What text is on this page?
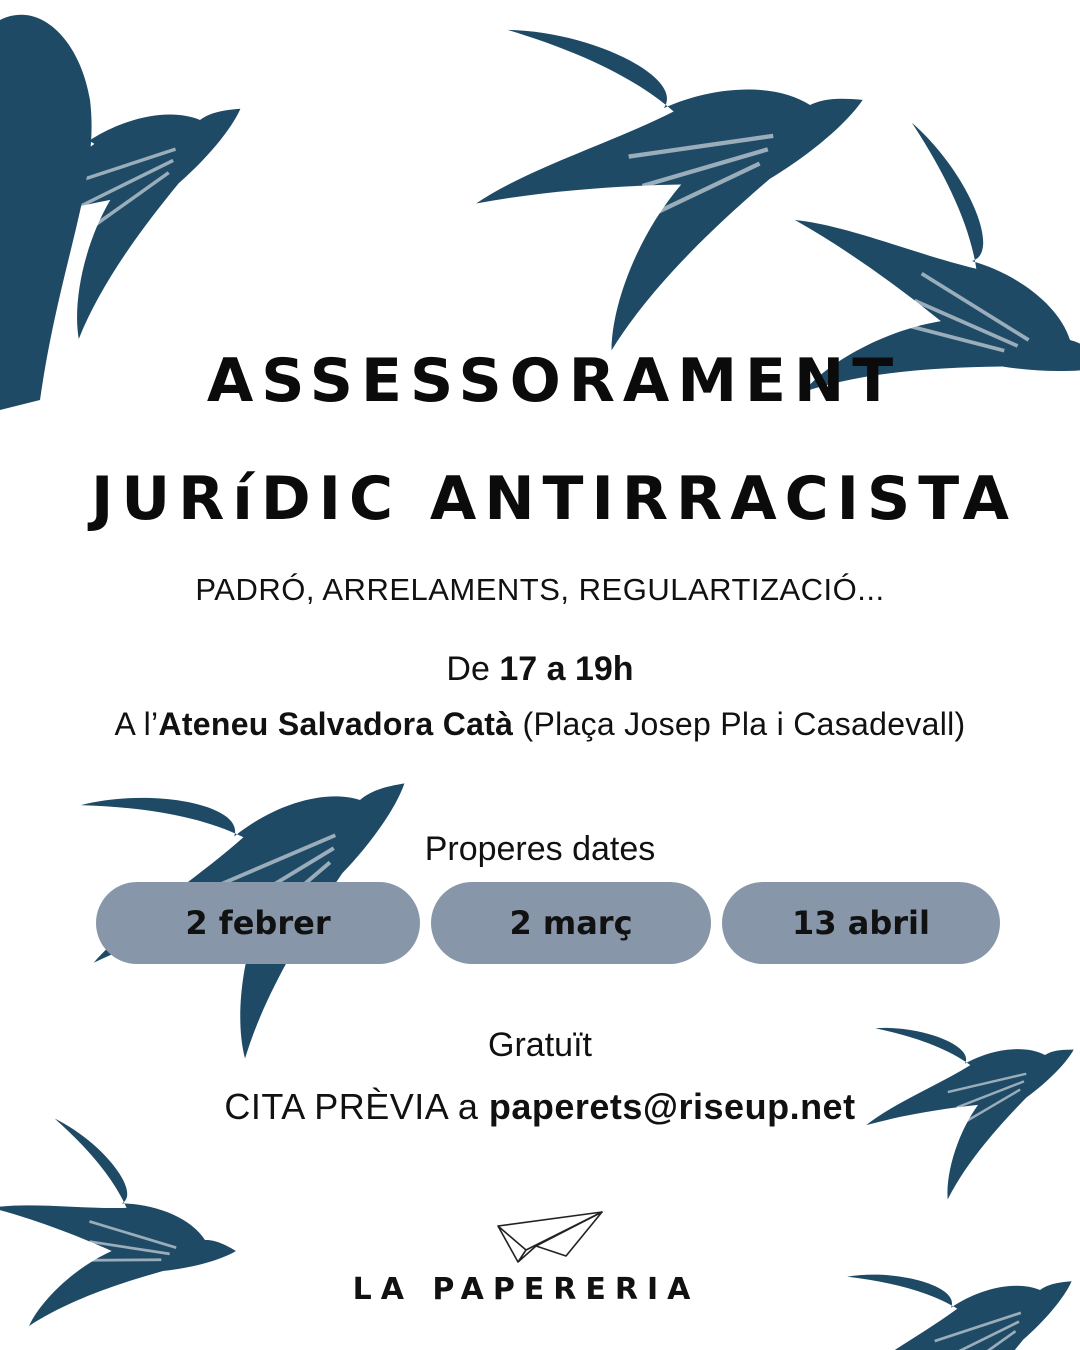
ASSESSORAMENT
JURíDIC ANTIRRACISTA
PADRÓ, ARRELAMENTS, REGULARTIZACIÓ...
De 17 a 19h
A l’Ateneu Salvadora Catà (Plaça Josep Pla i Casadevall)
Properes dates
2 febrer	2 març	13 abril
Gratuït
CITA PRÈVIA a paperets@riseup.net
LA PAPERERIA
